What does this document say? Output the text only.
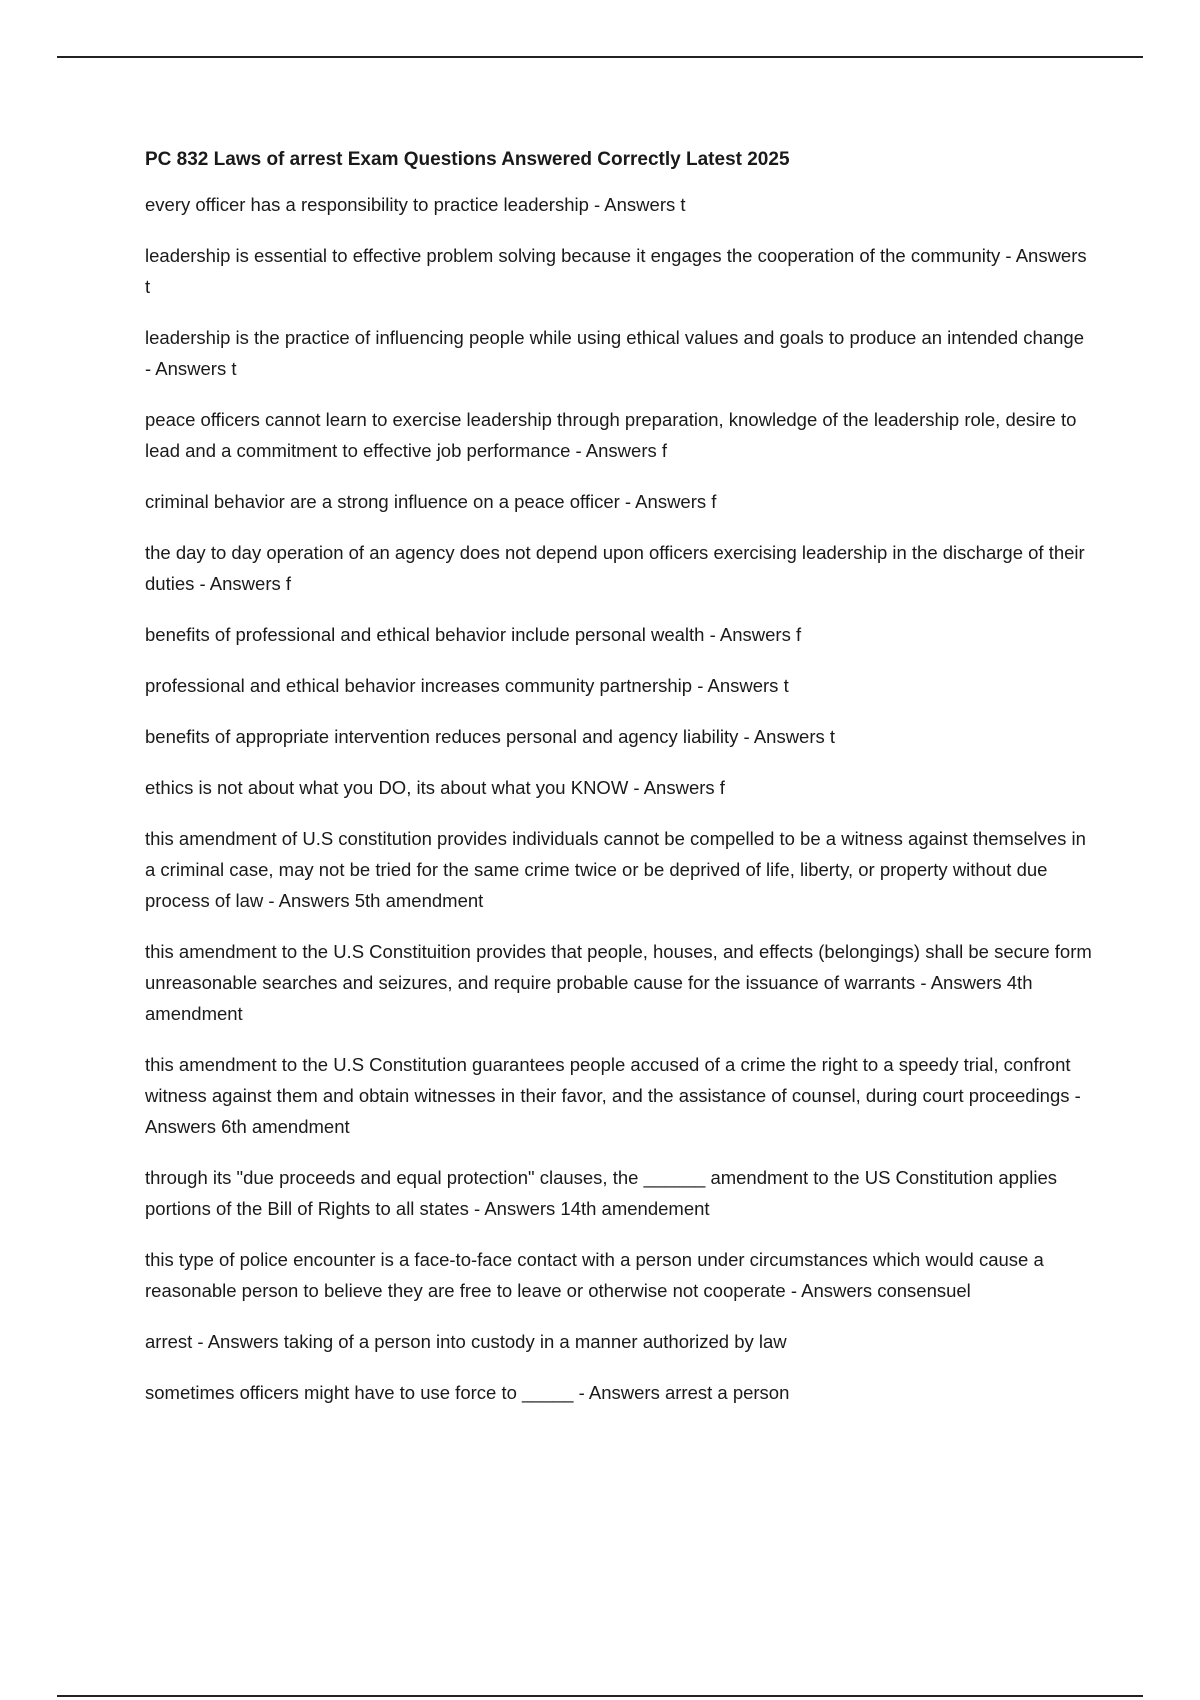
PC 832 Laws of arrest Exam Questions Answered Correctly Latest 2025
every officer has a responsibility to practice leadership - Answers t
leadership is essential to effective problem solving because it engages the cooperation of the community - Answers t
leadership is the practice of influencing people while using ethical values and goals to produce an intended change - Answers t
peace officers cannot learn to exercise leadership through preparation, knowledge of the leadership role, desire to lead and a commitment to effective job performance - Answers f
criminal behavior are a strong influence on a peace officer - Answers f
the day to day operation of an agency does not depend upon officers exercising leadership in the discharge of their duties - Answers f
benefits of professional and ethical behavior include personal wealth - Answers f
professional and ethical behavior increases community partnership - Answers t
benefits of appropriate intervention reduces personal and agency liability - Answers t
ethics is not about what you DO, its about what you KNOW - Answers f
this amendment of U.S constitution provides individuals cannot be compelled to be a witness against themselves in a criminal case, may not be tried for the same crime twice or be deprived of life, liberty, or property without due process of law - Answers 5th amendment
this amendment to the U.S Constituition provides that people, houses, and effects (belongings) shall be secure form unreasonable searches and seizures, and require probable cause for the issuance of warrants - Answers 4th amendment
this amendment to the U.S Constitution guarantees people accused of a crime the right to a speedy trial, confront witness against them and obtain witnesses in their favor, and the assistance of counsel, during court proceedings - Answers 6th amendment
through its "due proceeds and equal protection" clauses, the ______ amendment to the US Constitution applies portions of the Bill of Rights to all states - Answers 14th amendement
this type of police encounter is a face-to-face contact with a person under circumstances which would cause a reasonable person to believe they are free to leave or otherwise not cooperate - Answers consensuel
arrest - Answers taking of a person into custody in a manner authorized by law
sometimes officers might have to use force to _____ - Answers arrest a person
